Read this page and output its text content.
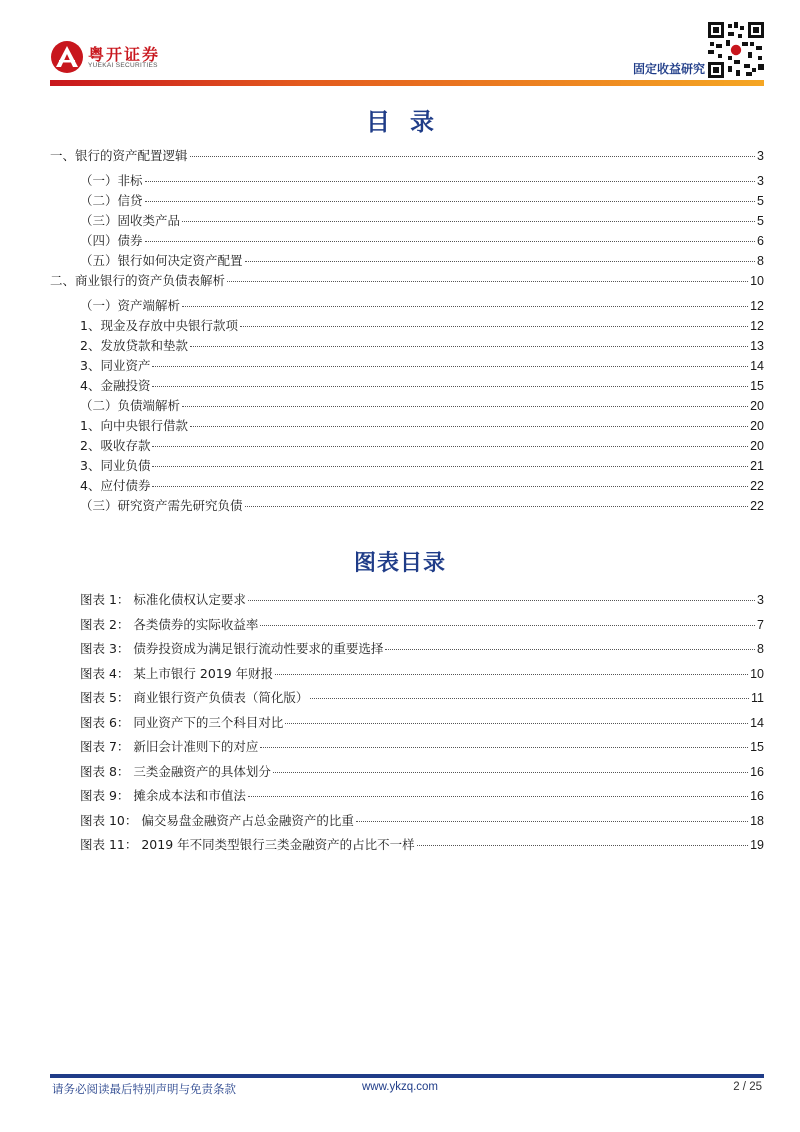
粤开证券
YUEKAI SECURITIES	固定收益研究
目录
一、银行的资产配置逻辑	3
（一）非标	3
（二）信贷	5
（三）固收类产品	5
（四）债券	6
（五）银行如何决定资产配置	8
二、商业银行的资产负债表解析	10
（一）资产端解析	12
1、现金及存放中央银行款项	12
2、发放贷款和垫款	13
3、同业资产	14
4、金融投资	15
（二）负债端解析	20
1、向中央银行借款	20
2、吸收存款	20
3、同业负债	21
4、应付债券	22
（三）研究资产需先研究负债	22
图表目录
图表 1： 标准化债权认定要求	3
图表 2： 各类债券的实际收益率	7
图表 3： 债券投资成为满足银行流动性要求的重要选择	8
图表 4： 某上市银行 2019 年财报	10
图表 5： 商业银行资产负债表（简化版）	11
图表 6： 同业资产下的三个科目对比	14
图表 7： 新旧会计准则下的对应	15
图表 8： 三类金融资产的具体划分	16
图表 9： 摊余成本法和市值法	16
图表 10： 偏交易盘金融资产占总金融资产的比重	18
图表 11： 2019 年不同类型银行三类金融资产的占比不一样	19
请务必阅读最后特别声明与免责条款	www.ykzq.com	2 / 25
